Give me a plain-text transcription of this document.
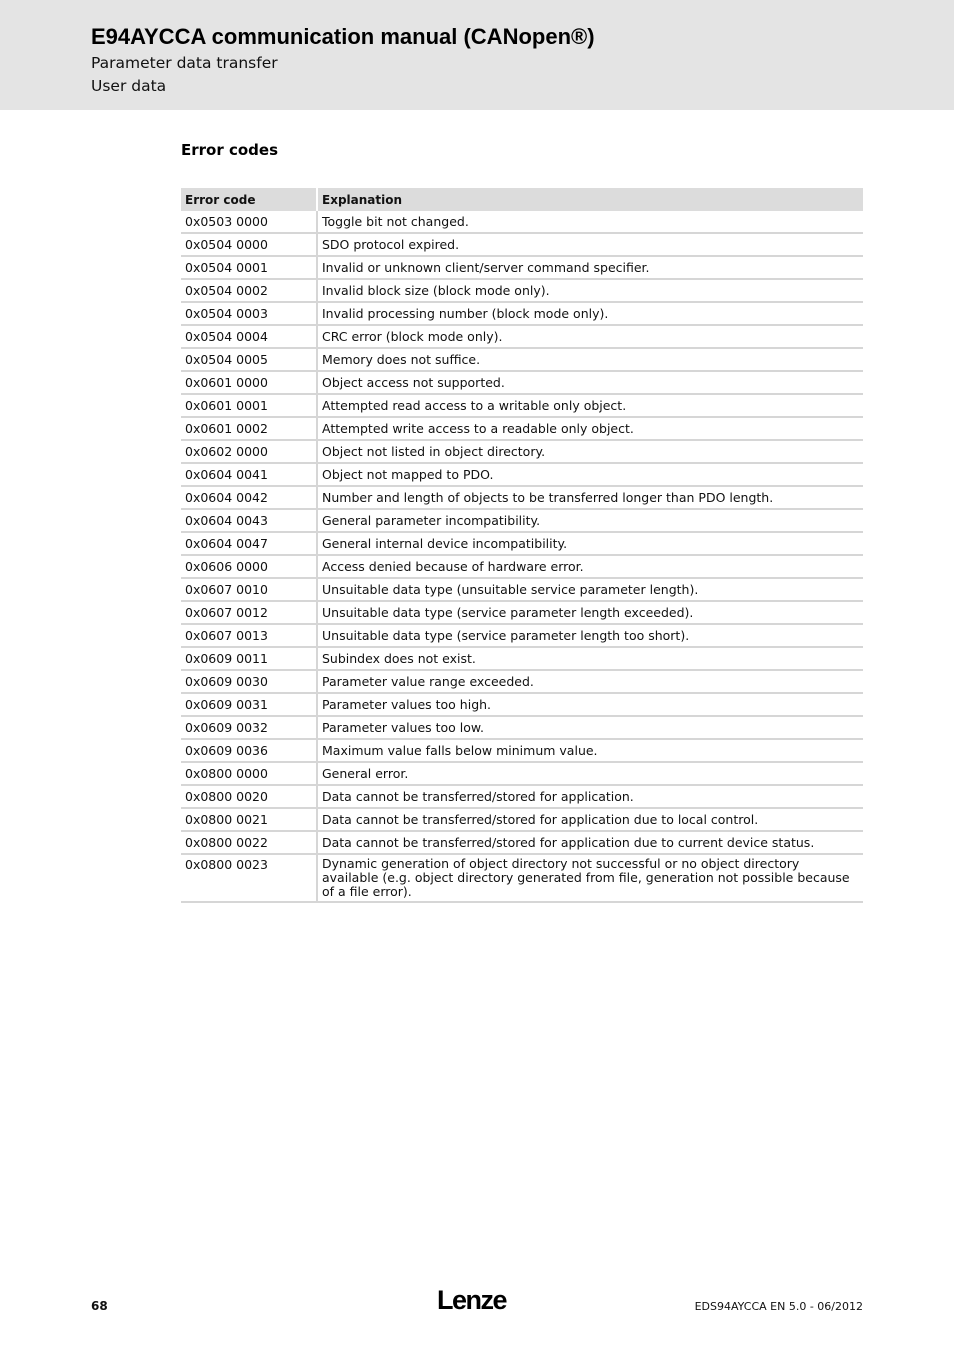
E94AYCCA communication manual (CANopen®)
Parameter data transfer
User data
Error codes
Error code	Explanation
0x0503 0000	Toggle bit not changed.
0x0504 0000	SDO protocol expired.
0x0504 0001	Invalid or unknown client/server command specifier.
0x0504 0002	Invalid block size (block mode only).
0x0504 0003	Invalid processing number (block mode only).
0x0504 0004	CRC error (block mode only).
0x0504 0005	Memory does not suffice.
0x0601 0000	Object access not supported.
0x0601 0001	Attempted read access to a writable only object.
0x0601 0002	Attempted write access to a readable only object.
0x0602 0000	Object not listed in object directory.
0x0604 0041	Object not mapped to PDO.
0x0604 0042	Number and length of objects to be transferred longer than PDO length.
0x0604 0043	General parameter incompatibility.
0x0604 0047	General internal device incompatibility.
0x0606 0000	Access denied because of hardware error.
0x0607 0010	Unsuitable data type (unsuitable service parameter length).
0x0607 0012	Unsuitable data type (service parameter length exceeded).
0x0607 0013	Unsuitable data type (service parameter length too short).
0x0609 0011	Subindex does not exist.
0x0609 0030	Parameter value range exceeded.
0x0609 0031	Parameter values too high.
0x0609 0032	Parameter values too low.
0x0609 0036	Maximum value falls below minimum value.
0x0800 0000	General error.
0x0800 0020	Data cannot be transferred/stored for application.
0x0800 0021	Data cannot be transferred/stored for application due to local control.
0x0800 0022	Data cannot be transferred/stored for application due to current device status.
0x0800 0023	Dynamic generation of object directory not successful or no object directory available (e.g. object directory generated from file, generation not possible because of a file error).
68	Lenze	EDS94AYCCA EN 5.0 - 06/2012
